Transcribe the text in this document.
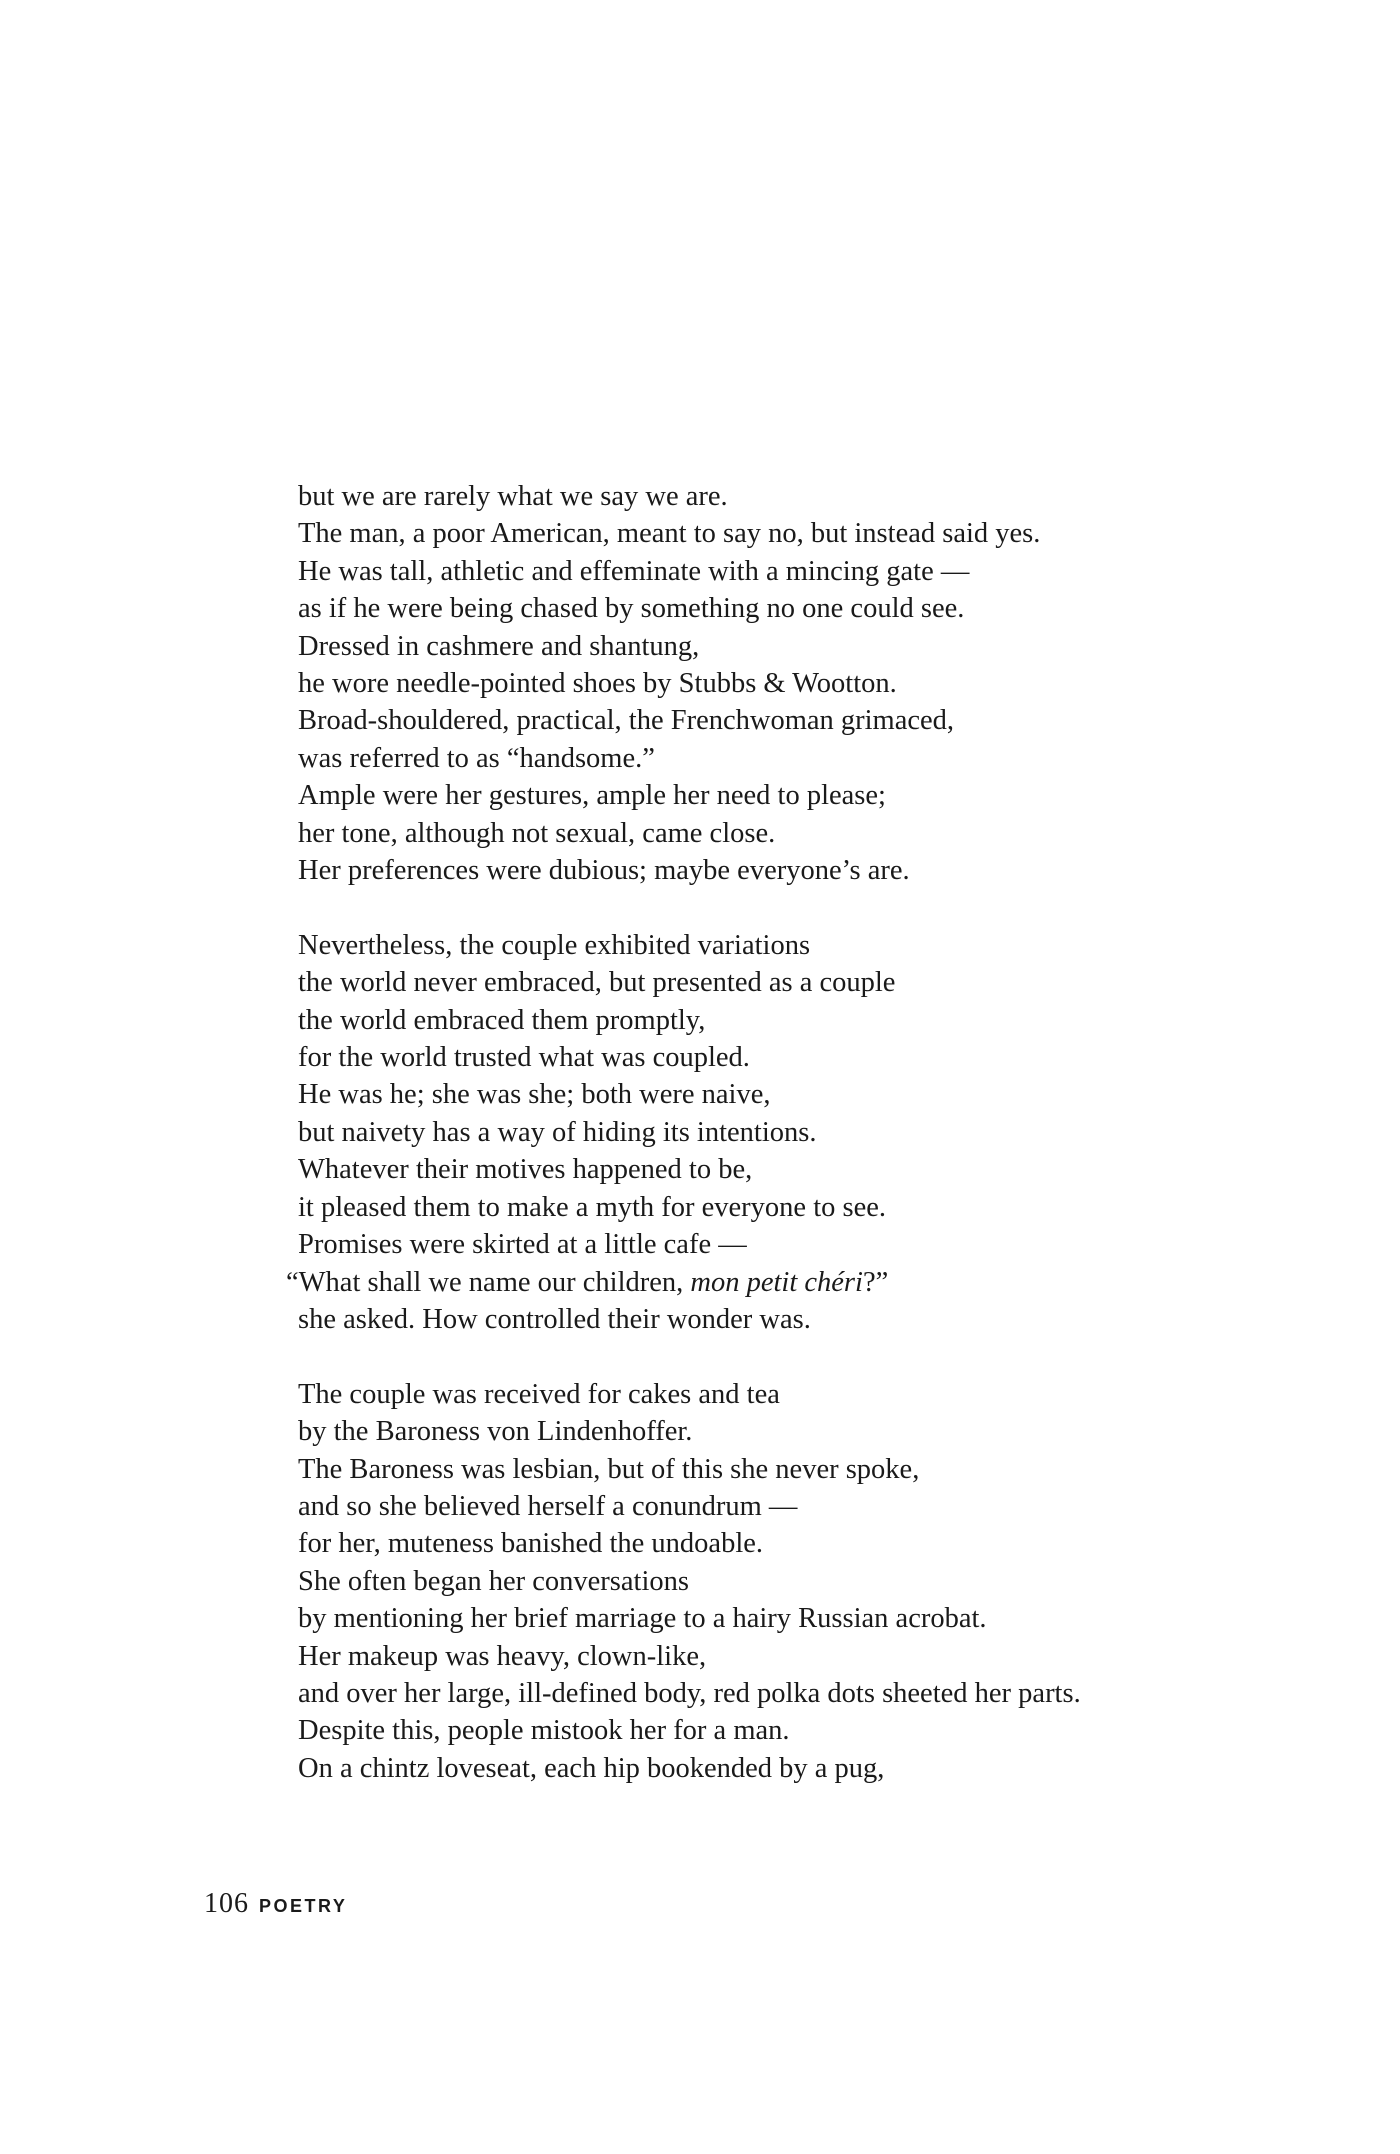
but we are rarely what we say we are.
The man, a poor American, meant to say no, but instead said yes.
He was tall, athletic and effeminate with a mincing gate —
as if he were being chased by something no one could see.
Dressed in cashmere and shantung,
he wore needle-pointed shoes by Stubbs & Wootton.
Broad-shouldered, practical, the Frenchwoman grimaced,
was referred to as “handsome.”
Ample were her gestures, ample her need to please;
her tone, although not sexual, came close.
Her preferences were dubious; maybe everyone’s are.
Nevertheless, the couple exhibited variations
the world never embraced, but presented as a couple
the world embraced them promptly,
for the world trusted what was coupled.
He was he; she was she; both were naive,
but naivety has a way of hiding its intentions.
Whatever their motives happened to be,
it pleased them to make a myth for everyone to see.
Promises were skirted at a little cafe —
“What shall we name our children, mon petit chéri?”
she asked. How controlled their wonder was.
The couple was received for cakes and tea
by the Baroness von Lindenhoffer.
The Baroness was lesbian, but of this she never spoke,
and so she believed herself a conundrum —
for her, muteness banished the undoable.
She often began her conversations
by mentioning her brief marriage to a hairy Russian acrobat.
Her makeup was heavy, clown-like,
and over her large, ill-defined body, red polka dots sheeted her parts.
Despite this, people mistook her for a man.
On a chintz loveseat, each hip bookended by a pug,
106 POETRY
